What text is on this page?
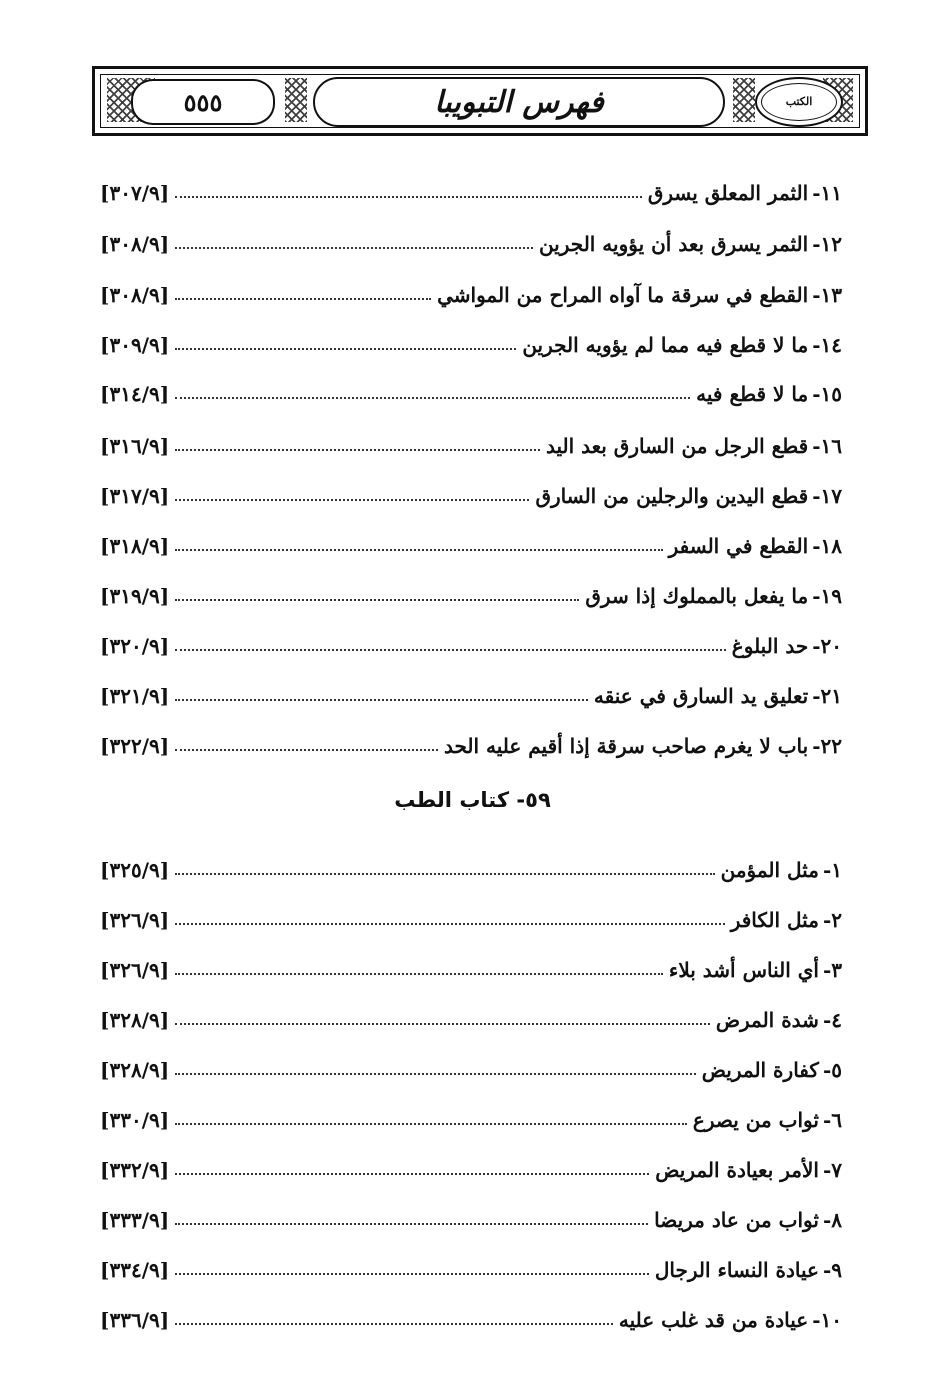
٥٥٥	فهرس التبويبا	الكتب
١١-
الثمر المعلق يسرق
[٣٠٧/٩]
١٢-
الثمر يسرق بعد أن يؤويه الجرين
[٣٠٨/٩]
١٣-
القطع في سرقة ما آواه المراح من المواشي
[٣٠٨/٩]
١٤-
ما لا قطع فيه مما لم يؤويه الجرين
[٣٠٩/٩]
١٥-
ما لا قطع فيه
[٣١٤/٩]
١٦-
قطع الرجل من السارق بعد اليد
[٣١٦/٩]
١٧-
قطع اليدين والرجلين من السارق
[٣١٧/٩]
١٨-
القطع في السفر
[٣١٨/٩]
١٩-
ما يفعل بالمملوك إذا سرق
[٣١٩/٩]
٢٠-
حد البلوغ
[٣٢٠/٩]
٢١-
تعليق يد السارق في عنقه
[٣٢١/٩]
٢٢-
باب لا يغرم صاحب سرقة إذا أقيم عليه الحد
[٣٢٢/٩]
٥٩- كتاب الطب
١-
مثل المؤمن
[٣٢٥/٩]
٢-
مثل الكافر
[٣٢٦/٩]
٣-
أي الناس أشد بلاء
[٣٢٦/٩]
٤-
شدة المرض
[٣٢٨/٩]
٥-
كفارة المريض
[٣٢٨/٩]
٦-
ثواب من يصرع
[٣٣٠/٩]
٧-
الأمر بعيادة المريض
[٣٣٢/٩]
٨-
ثواب من عاد مريضا
[٣٣٣/٩]
٩-
عيادة النساء الرجال
[٣٣٤/٩]
١٠-
عيادة من قد غلب عليه
[٣٣٦/٩]
